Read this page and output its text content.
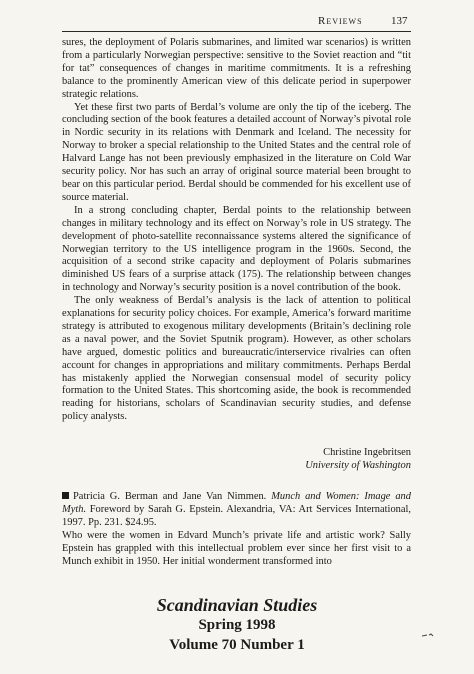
Reviews	137

sures, the deployment of Polaris submarines, and limited war scenarios) is written from a particularly Norwegian perspective: sensitive to the Soviet reaction and “tit for tat” consequences of changes in maritime commitments. It is a refreshing balance to the prominently American view of this delicate period in superpower strategic relations.

Yet these first two parts of Berdal’s volume are only the tip of the iceberg. The concluding section of the book features a detailed account of Norway’s pivotal role in Nordic security in its relations with Denmark and Iceland. The necessity for Norway to broker a special relationship to the United States and the central role of Halvard Lange has not been previously emphasized in the literature on Cold War security policy. Nor has such an array of original source material been brought to bear on this particular period. Berdal should be commended for his excellent use of source material.

In a strong concluding chapter, Berdal points to the relationship between changes in military technology and its effect on Norway’s role in US strategy. The development of photo-satellite reconnaissance systems altered the significance of Norwegian territory to the US intelligence program in the 1960s. Second, the acquisition of a second strike capacity and deployment of Polaris submarines diminished US fears of a surprise attack (175). The relationship between changes in technology and Norway’s security position is a novel contribution of the book.

The only weakness of Berdal’s analysis is the lack of attention to political explanations for security policy choices. For example, America’s forward maritime strategy is attributed to exogenous military developments (Britain’s declining role as a naval power, and the Soviet Sputnik program). However, as other scholars have argued, domestic politics and bureaucratic/interservice rivalries can often account for changes in appropriations and military commitments. Perhaps Berdal has mistakenly applied the Norwegian consensual model of security policy formation to the United States. This shortcoming aside, the book is recommended reading for historians, scholars of Scandinavian security studies, and defense policy analysts.

Christine Ingebritsen
University of Washington

Patricia G. Berman and Jane Van Nimmen. Munch and Women: Image and Myth. Foreword by Sarah G. Epstein. Alexandria, VA: Art Services International, 1997. Pp. 231. $24.95.

Who were the women in Edvard Munch’s private life and artistic work? Sally Epstein has grappled with this intellectual problem ever since her first visit to a Munch exhibit in 1950. Her initial wonderment transformed into

Scandinavian Studies
Spring 1998
Volume 70 Number 1
